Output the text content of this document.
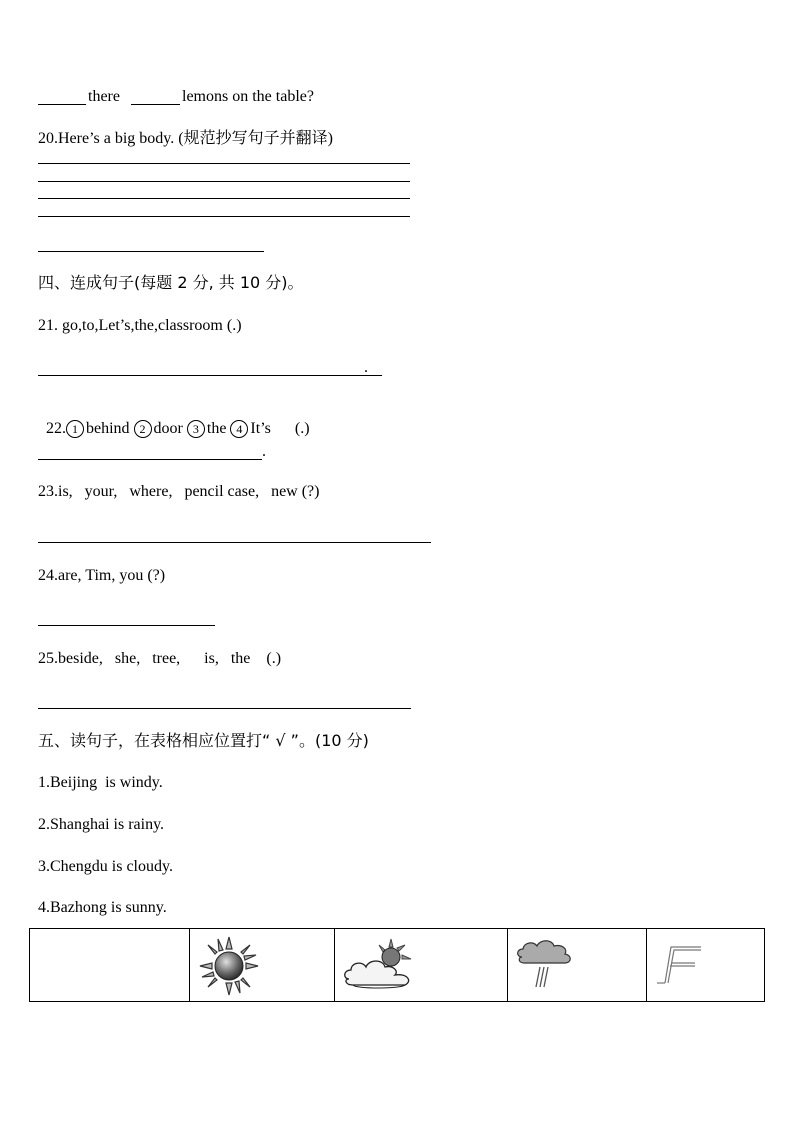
there	lemons on the table?
20.Here’s a big body. (规范抄写句子并翻译)
四、连成句子(每题 2 分, 共 10 分)。
21. go,to,Let’s,the,classroom (.)
.

22. 1 behind 2 door 3 the 4 It’s (.)

.
23.is,   your,   where,   pencil case,   new (?)
24.are, Tim, you (?)
25.beside,   she,   tree,      is,   the    (.)
五、读句子，在表格相应位置打“ √ ”。(10 分)
1.Beijing  is windy.
2.Shanghai is rainy.
3.Chengdu is cloudy.
4.Bazhong is sunny.
